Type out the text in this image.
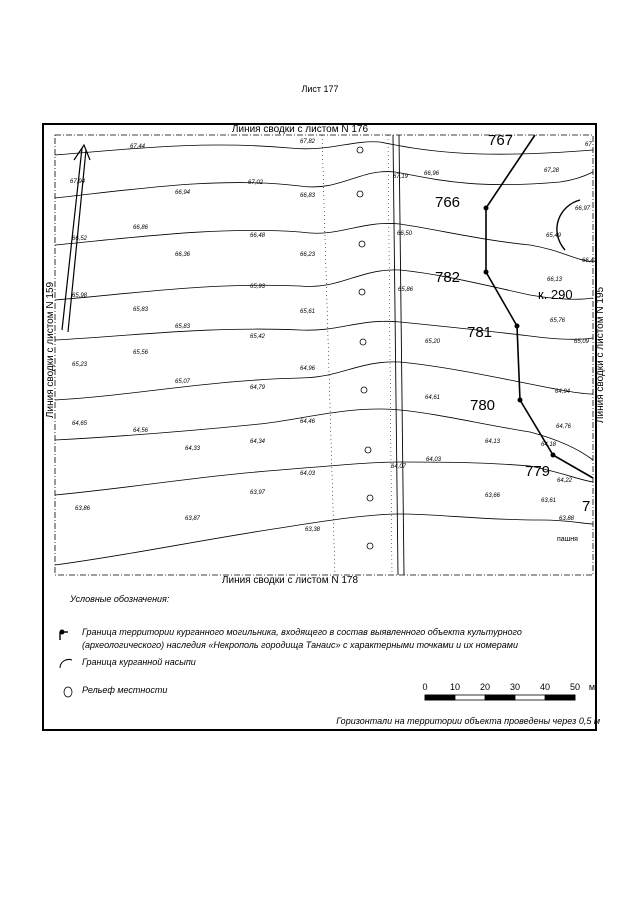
Лист 177
Линия сводки с листом N 176
Линия сводки с листом N 178
Линия сводки с листом N 159	Линия сводки с листом N 195
767
766
782
781
780
779
7
к. 290
пашня
67,44
67,82
67,94
66,94
67,02
66,83
67,19	66,96	67,28
67
66,86
66,48	66,50
66,52
66,36	66,23
66,42
65,49
65,98
65,83
65,93	65,86
66,13
65,83
65,61
65,42
65,20
65,76
65,09
65,56
65,23
65,07
64,79
64,96
64,94
64,61
64,65
64,56
64,33
64,34
64,46
64,13	64,18
64,76
64,03
64,07
64,03
64,22
63,97
63,86
63,66
63,87
63,61
63,38
63,88
66,97
0 10 20 30 40 50 м
Условные обозначения:
Граница территории курганного могильника, входящего в состав выявленного объекта культурного (археологического) наследия «Некрополь городища Танаис» с характерными точками и их номерами
Граница курганной насыпи
Рельеф местности
Горизонтали на территории объекта проведены через 0,5 м
